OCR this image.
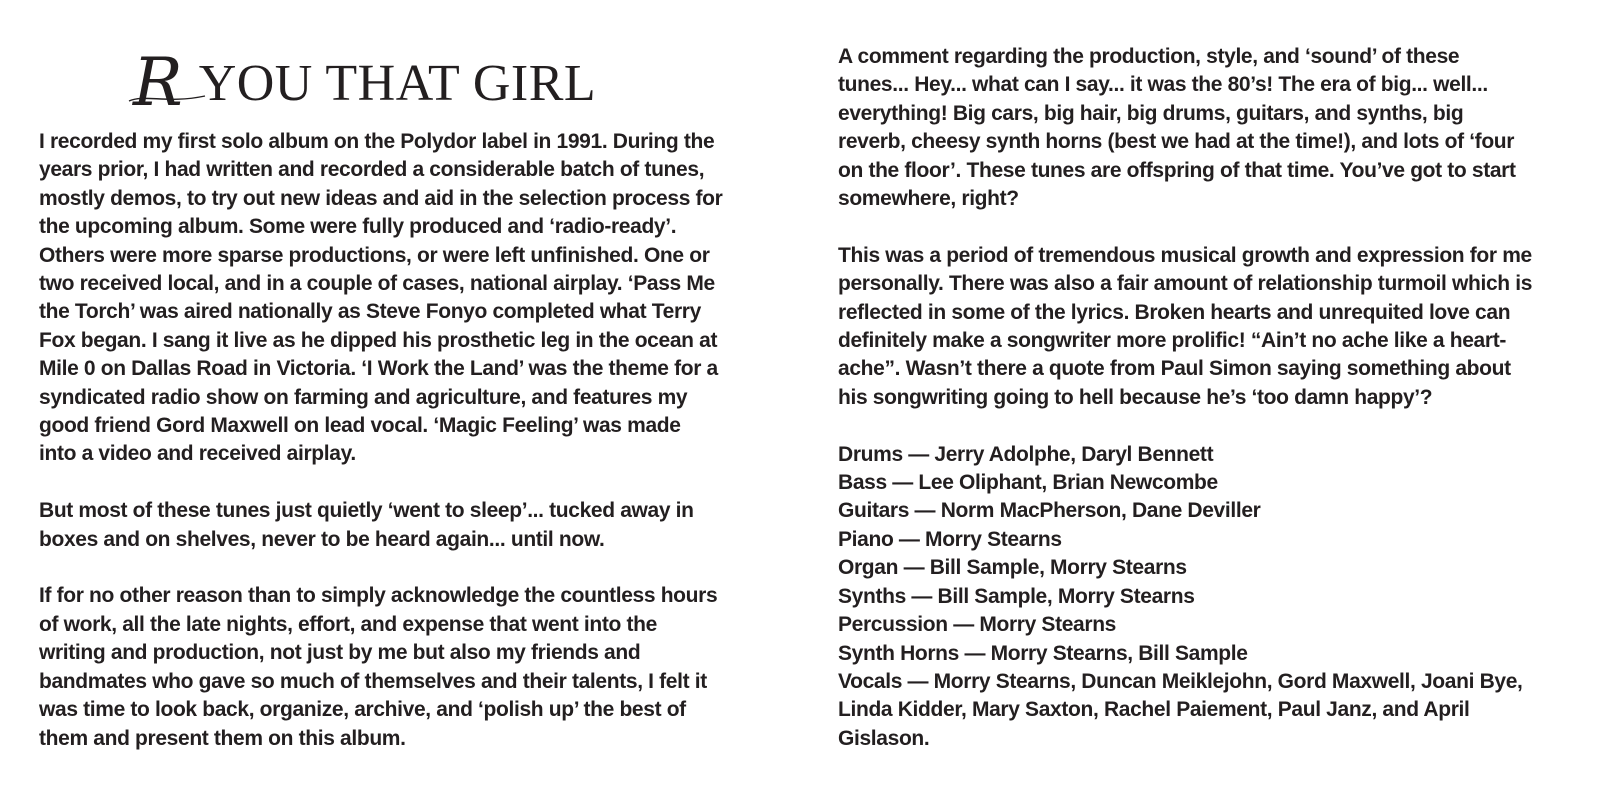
R YOU THAT GIRL

I recorded my first solo album on the Polydor label in 1991. During the
years prior, I had written and recorded a considerable batch of tunes,
mostly demos, to try out new ideas and aid in the selection process for
the upcoming album. Some were fully produced and ‘radio-ready’.
Others were more sparse productions, or were left unfinished. One or
two received local, and in a couple of cases, national airplay. ‘Pass Me
the Torch’ was aired nationally as Steve Fonyo completed what Terry
Fox began. I sang it live as he dipped his prosthetic leg in the ocean at
Mile 0 on Dallas Road in Victoria. ‘I Work the Land’ was the theme for a
syndicated radio show on farming and agriculture, and features my
good friend Gord Maxwell on lead vocal. ‘Magic Feeling’ was made
into a video and received airplay.

But most of these tunes just quietly ‘went to sleep’... tucked away in
boxes and on shelves, never to be heard again... until now.

If for no other reason than to simply acknowledge the countless hours
of work, all the late nights, effort, and expense that went into the
writing and production, not just by me but also my friends and
bandmates who gave so much of themselves and their talents, I felt it
was time to look back, organize, archive, and ‘polish up’ the best of
them and present them on this album.

A comment regarding the production, style, and ‘sound’ of these
tunes... Hey... what can I say... it was the 80’s! The era of big... well...
everything! Big cars, big hair, big drums, guitars, and synths, big
reverb, cheesy synth horns (best we had at the time!), and lots of ‘four
on the floor’. These tunes are offspring of that time. You’ve got to start
somewhere, right?

This was a period of tremendous musical growth and expression for me
personally. There was also a fair amount of relationship turmoil which is
reflected in some of the lyrics. Broken hearts and unrequited love can
definitely make a songwriter more prolific! “Ain’t no ache like a heart-
ache”. Wasn’t there a quote from Paul Simon saying something about
his songwriting going to hell because he’s ‘too damn happy’?

Drums — Jerry Adolphe, Daryl Bennett
Bass — Lee Oliphant, Brian Newcombe
Guitars — Norm MacPherson, Dane Deviller
Piano — Morry Stearns
Organ — Bill Sample, Morry Stearns
Synths — Bill Sample, Morry Stearns
Percussion — Morry Stearns
Synth Horns — Morry Stearns, Bill Sample
Vocals — Morry Stearns, Duncan Meiklejohn, Gord Maxwell, Joani Bye,
Linda Kidder, Mary Saxton, Rachel Paiement, Paul Janz, and April
Gislason.
